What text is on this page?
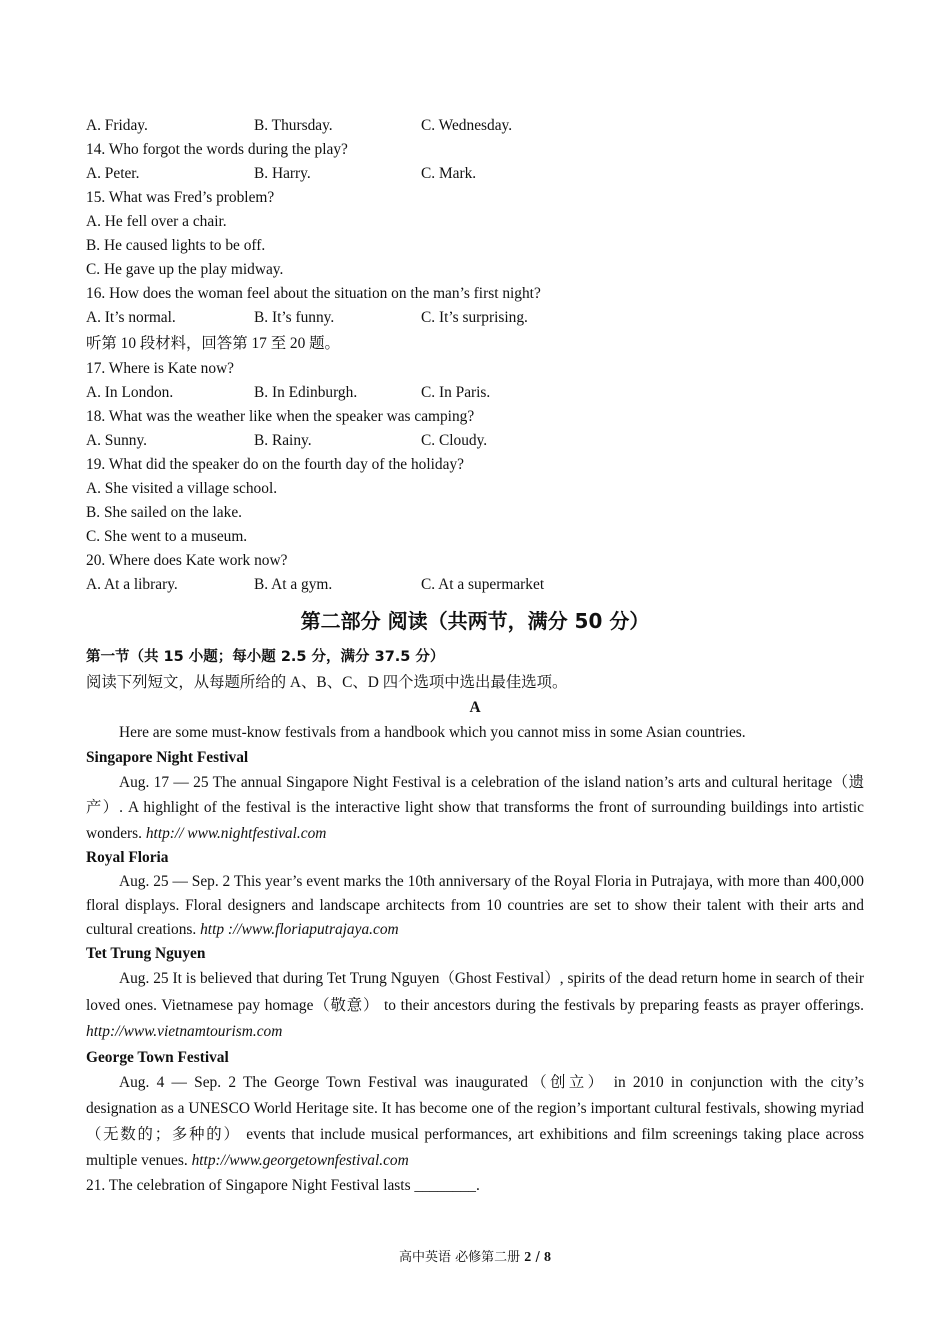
A. Friday.	B. Thursday.	C. Wednesday.
14. Who forgot the words during the play?
A. Peter.	B. Harry.	C. Mark.
15. What was Fred’s problem?
A. He fell over a chair.
B. He caused lights to be off.
C. He gave up the play midway.
16. How does the woman feel about the situation on the man’s first night?
A. It’s normal.	B. It’s funny.	C. It’s surprising.
听第 10 段材料，回答第 17 至 20 题。
17. Where is Kate now?
A. In London.	B. In Edinburgh.	C. In Paris.
18. What was the weather like when the speaker was camping?
A. Sunny.	B. Rainy.	C. Cloudy.
19. What did the speaker do on the fourth day of the holiday?
A. She visited a village school.
B. She sailed on the lake.
C. She went to a museum.
20. Where does Kate work now?
A. At a library.	B. At a gym.	C. At a supermarket
第二部分 阅读（共两节，满分 50 分）
第一节（共 15 小题；每小题 2.5 分，满分 37.5 分）
阅读下列短文，从每题所给的 A、B、C、D 四个选项中选出最佳选项。
A

Here are some must-know festivals from a handbook which you cannot miss in some Asian countries.

Singapore Night Festival

Aug. 17 — 25 The annual Singapore Night Festival is a celebration of the island nation’s arts and cultural heritage（遗产）. A highlight of the festival is the interactive light show that transforms the front of surrounding buildings into artistic wonders. http:// www.nightfestival.com

Royal Floria

Aug. 25 — Sep. 2 This year’s event marks the 10th anniversary of the Royal Floria in Putrajaya, with more than 400,000 floral displays. Floral designers and landscape architects from 10 countries are set to show their talent with their arts and cultural creations. http ://www.floriaputrajaya.com

Tet Trung Nguyen

Aug. 25 It is believed that during Tet Trung Nguyen（Ghost Festival）, spirits of the dead return home in search of their loved ones. Vietnamese pay homage（敬意） to their ancestors during the festivals by preparing feasts as prayer offerings. http://www.vietnamtourism.com

George Town Festival

Aug. 4 — Sep. 2 The George Town Festival was inaugurated（创立） in 2010 in conjunction with the city’s designation as a UNESCO World Heritage site. It has become one of the region’s important cultural festivals, showing myriad（无数的；多种的） events that include musical performances, art exhibitions and film screenings taking place across multiple venues. http://www.georgetownfestival.com

21. The celebration of Singapore Night Festival lasts ________.
高中英语 必修第二册 2 / 8
